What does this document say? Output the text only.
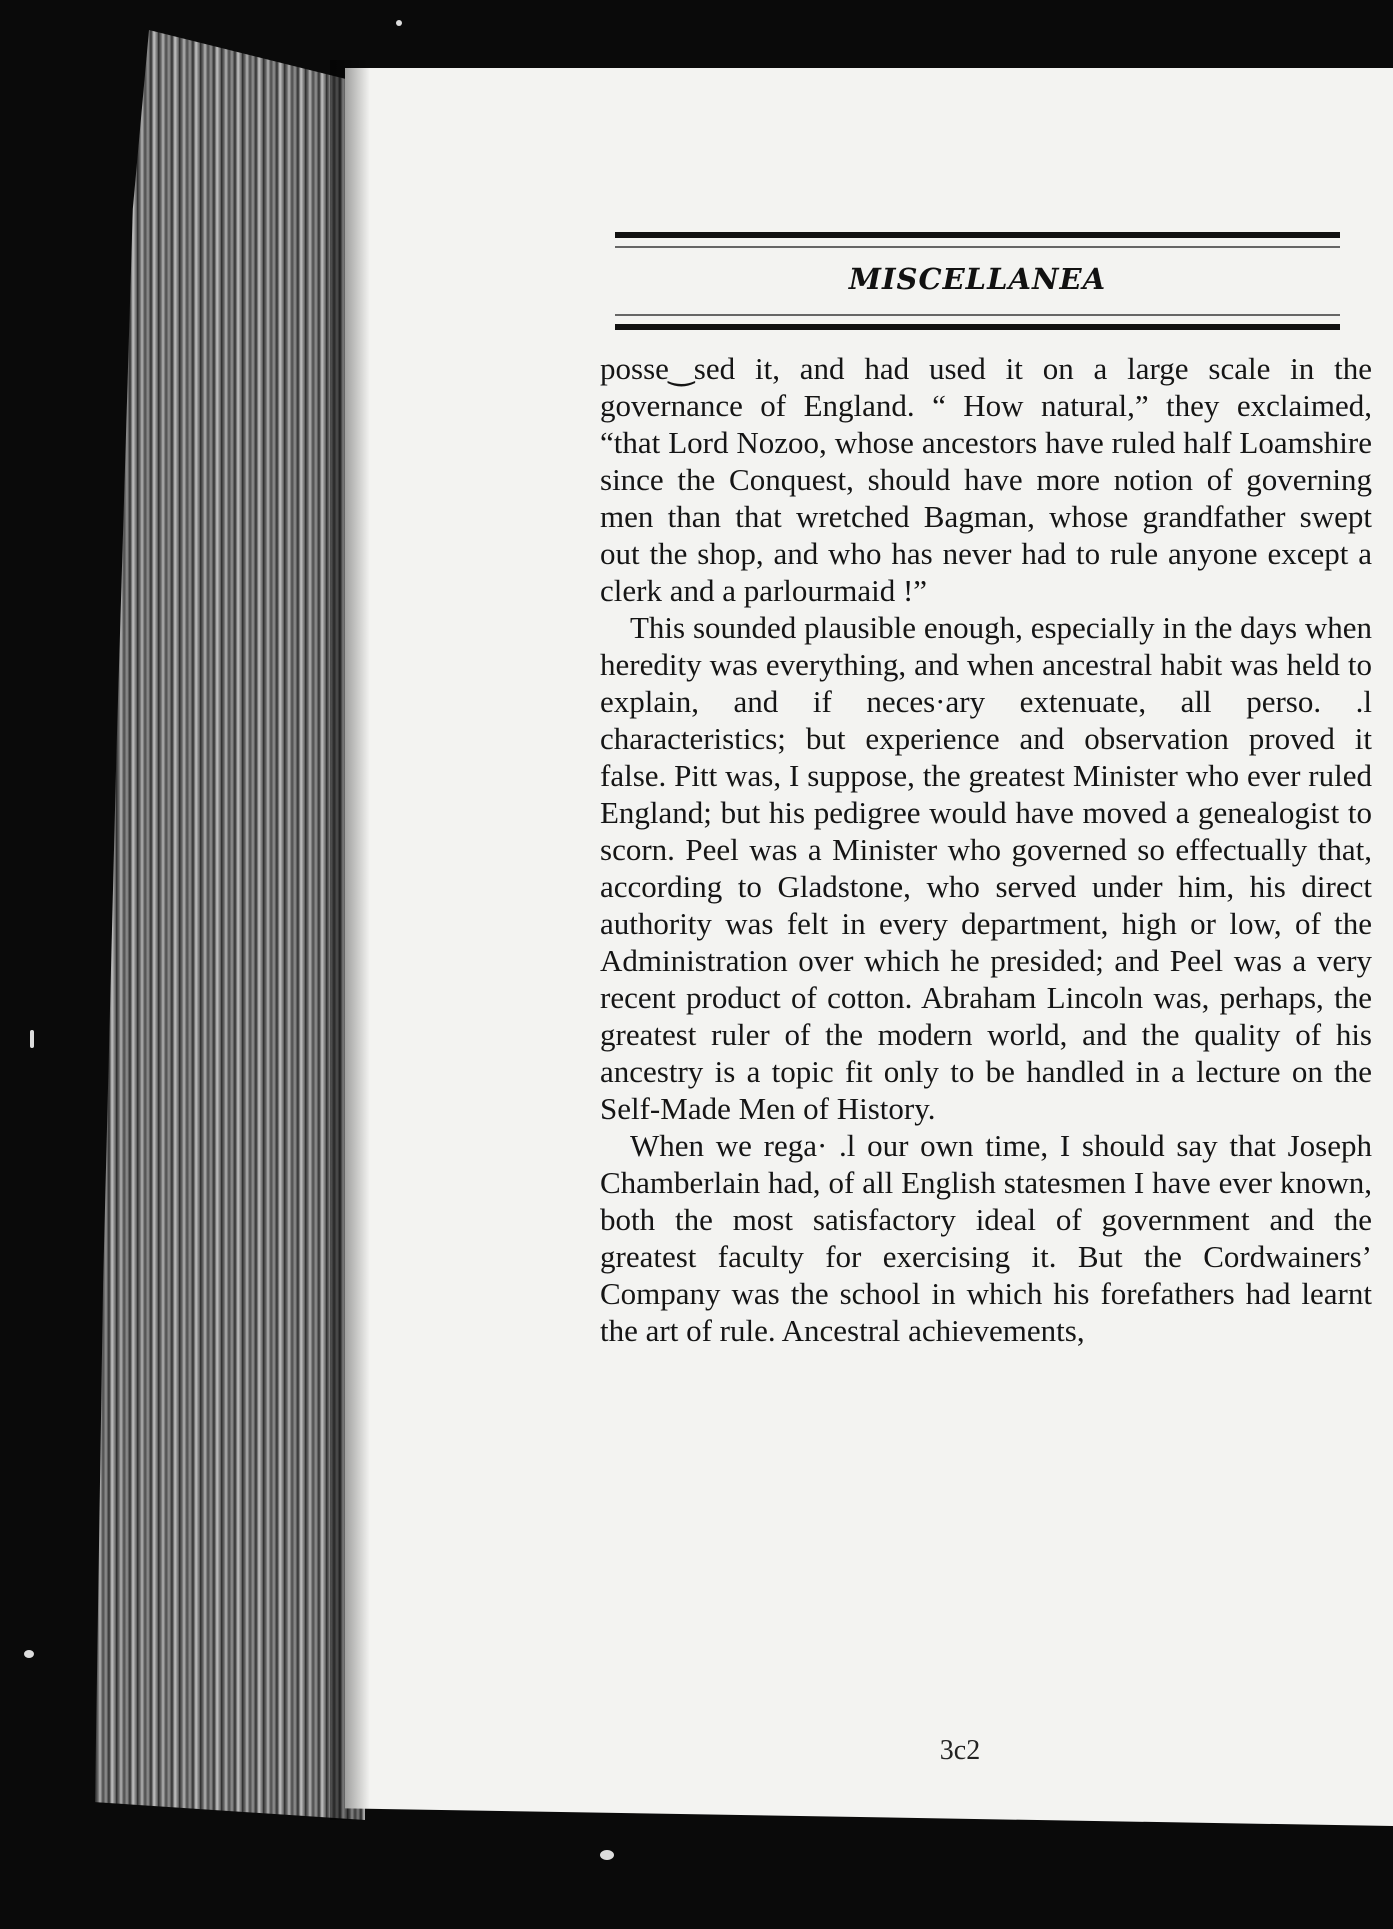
MISCELLANEA

posse‿sed it, and had used it on a large scale in the governance of England. “ How natural,” they exclaimed, “that Lord Nozoo, whose ancestors have ruled half Loamshire since the Conquest, should have more notion of governing men than that wretched Bagman, whose grandfather swept out the shop, and who has never had to rule anyone except a clerk and a parlourmaid !”

This sounded plausible enough, especially in the days when heredity was everything, and when ancestral habit was held to explain, and if neces·ary extenuate, all perso. .l characteristics; but experience and observation proved it false. Pitt was, I suppose, the greatest Minister who ever ruled England; but his pedigree would have moved a genealogist to scorn. Peel was a Minister who governed so effectually that, according to Gladstone, who served under him, his direct authority was felt in every department, high or low, of the Administration over which he presided; and Peel was a very recent product of cotton. Abraham Lincoln was, perhaps, the greatest ruler of the modern world, and the quality of his ancestry is a topic fit only to be handled in a lecture on the Self-Made Men of History.

When we rega· .l our own time, I should say that Joseph Chamberlain had, of all English statesmen I have ever known, both the most satisfactory ideal of government and the greatest faculty for exercising it. But the Cordwainers’ Company was the school in which his forefathers had learnt the art of rule. Ancestral achievements,

3c2
